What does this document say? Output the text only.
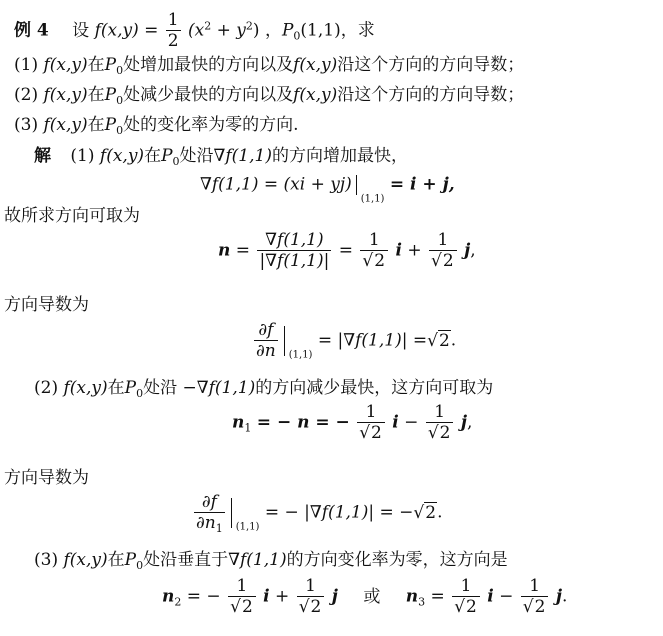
例 4 设 $f(x,y) = \frac{1}{2} (x^2 + y^2)$ ，$P_0(1,1)$，求
(1) f(x,y)在$P_0$处增加最快的方向以及f(x,y)沿这个方向的方向导数；
(2) f(x,y)在$P_0$处减少最快的方向以及f(x,y)沿这个方向的方向导数；
(3) f(x,y)在$P_0$处的变化率为零的方向.
解 (1) f(x,y)在$P_0$处沿∇f(1,1)的方向增加最快，
$\nabla f(1,1) = (xi + yj)_{(1,1)} = i + j$,
故所求方向可取为
$n = \frac{\nabla f(1,1)}{|\nabla f(1,1)|} = \frac{1}{√2}$ $i + \frac{1}{√2} j$,
方向导数为
$\frac{\partial f}{\partial n} _{(1,1)} = |\nabla f(1,1)| =√2$.
(2) f(x,y)在$P_0$处沿 −∇f(1,1)的方向减少最快，这方向可取为
$n_1$ = − n = − $\frac{1}{√2}$ $i - \frac{1}{√2} j$,
方向导数为
$\frac{\partial f}{\partial n_1} _{(1,1)}$ = − |∇f(1,1)| = −√2.
(3) f(x,y)在$P_0$处沿垂直于∇f(1,1)的方向变化率为零，这方向是
$n_2$ = − $\frac{1}{√2}$ $i + \frac{1}{√2}$ j 或 $n_3 = \frac{1}{√2}$ $i - \frac{1}{√2} j$.
